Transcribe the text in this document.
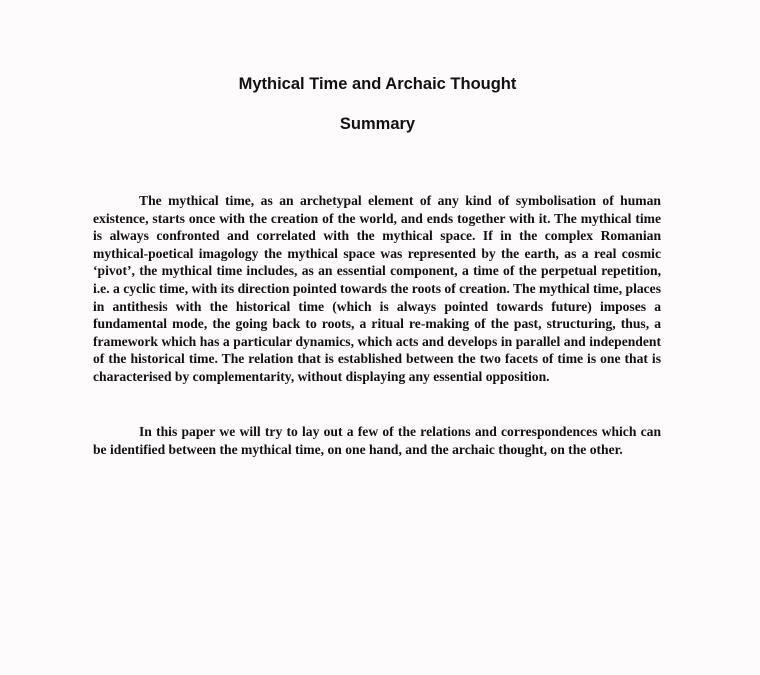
Mythical Time and Archaic Thought
Summary

The mythical time, as an archetypal element of any kind of symbolisation of human existence, starts once with the creation of the world, and ends together with it. The mythical time is always confronted and correlated with the mythical space. If in the complex Romanian mythical-poetical imagology the mythical space was represented by the earth, as a real cosmic ‘pivot’, the mythical time includes, as an essential component, a time of the perpetual repetition, i.e. a cyclic time, with its direction pointed towards the roots of creation. The mythical time, places in antithesis with the historical time (which is always pointed towards future) imposes a fundamental mode, the going back to roots, a ritual re-making of the past, structuring, thus, a framework which has a particular dynamics, which acts and develops in parallel and independent of the historical time. The relation that is established between the two facets of time is one that is characterised by complementarity, without displaying any essential opposition.

In this paper we will try to lay out a few of the relations and correspondences which can be identified between the mythical time, on one hand, and the archaic thought, on the other.
